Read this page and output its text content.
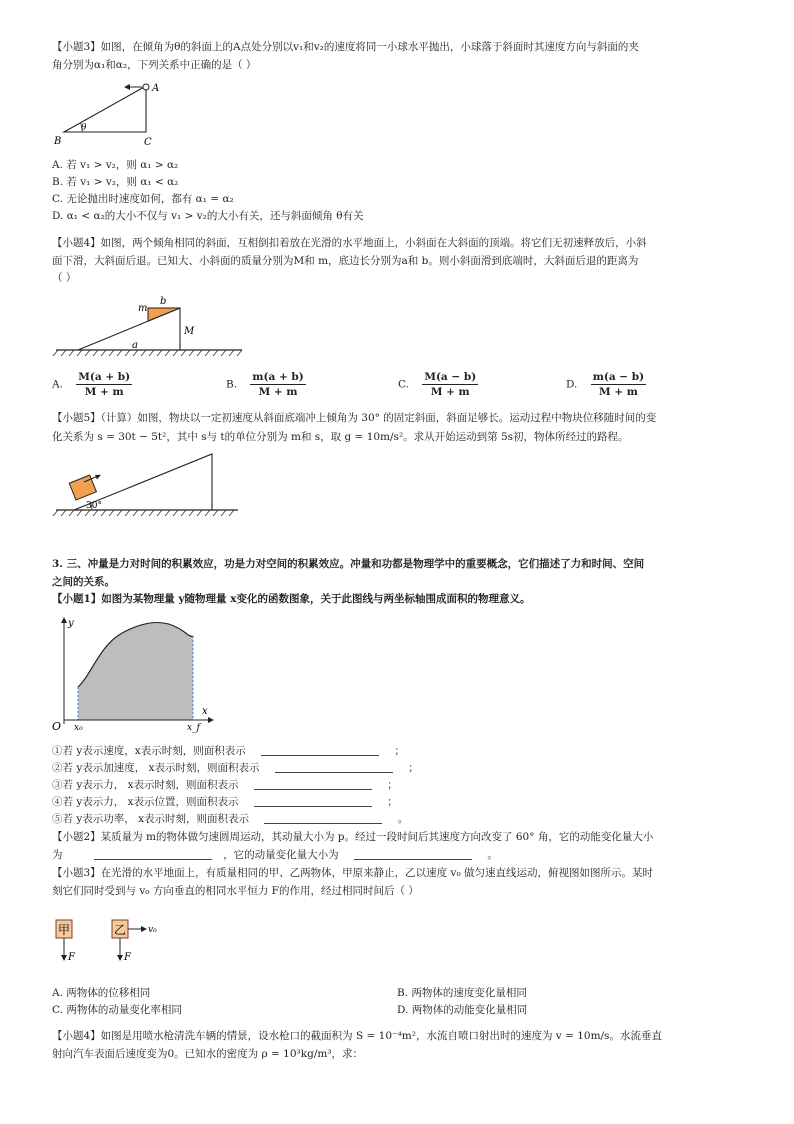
【小题3】如图，在倾角为θ的斜面上的A点处分别以v₁和v₂的速度将同一小球水平抛出，小球落于斜面时其速度方向与斜面的夹
角分别为α₁和α₂，下列关系中正确的是（ ）
A
B	C
θ
A. 若 v₁ > v₂，则 α₁ > α₂
B. 若 v₁ > v₂，则 α₁ < α₂
C. 无论抛出时速度如何，都有 α₁ = α₂
D. α₁ < α₂的大小不仅与 v₁ > v₂的大小有关，还与斜面倾角 θ有关
【小题4】如图，两个倾角相同的斜面，互相倒扣着放在光滑的水平地面上，小斜面在大斜面的顶端。将它们无初速释放后，小斜
面下滑，大斜面后退。已知大、小斜面的质量分别为M和 m，底边长分别为a和 b。则小斜面滑到底端时，大斜面后退的距离为
（ ）
m
b
M
a
A. $\frac{M(a + b)}{M + m}$	B. $\frac{m(a + b)}{M + m}$	C. $\frac{M(a - b)}{M + m}$	D. $\frac{m(a - b)}{M + m}$
【小题5】（计算）如图，物块以一定初速度从斜面底端冲上倾角为 30° 的固定斜面，斜面足够长。运动过程中物块位移随时间的变
化关系为 s = 30t − 5t²，其中 s与 t的单位分别为 m和 s，取 g = 10m/s²。求从开始运动到第 5s初，物体所经过的路程。
30°
3. 三、冲量是力对时间的积累效应，功是力对空间的积累效应。冲量和功都是物理学中的重要概念，它们描述了力和时间、空间
之间的关系。
【小题1】如图为某物理量 y随物理量 x变化的函数图象，关于此图线与两坐标轴围成面积的物理意义。
y
x
O x₀	x_f
①若 y表示速度，x表示时刻，则面积表示	；
②若 y表示加速度， x表示时刻，则面积表示	；
③若 y表示力， x表示时刻，则面积表示	；
④若 y表示力， x表示位置，则面积表示	；
⑤若 y表示功率， x表示时刻，则面积表示	。
【小题2】某质量为 m的物体做匀速圆周运动，其动量大小为 p。经过一段时间后其速度方向改变了 60° 角，它的动能变化量大小
为	，它的动量变化量大小为	。
【小题3】在光滑的水平地面上，有质量相同的甲、乙两物体，甲原来静止，乙以速度 v₀ 做匀速直线运动，俯视图如图所示。某时
刻它们同时受到与 v₀ 方向垂直的相同水平恒力 F的作用，经过相同时间后（ ）
甲
F
乙 v₀
F
A. 两物体的位移相同	B. 两物体的速度变化量相同
C. 两物体的动量变化率相同	D. 两物体的动能变化量相同
【小题4】如图是用喷水枪清洗车辆的情景，设水枪口的截面积为 S = 10⁻⁴m²，水流自喷口射出时的速度为 v = 10m/s。水流垂直
射向汽车表面后速度变为0。已知水的密度为 ρ = 10³kg/m³，求：
